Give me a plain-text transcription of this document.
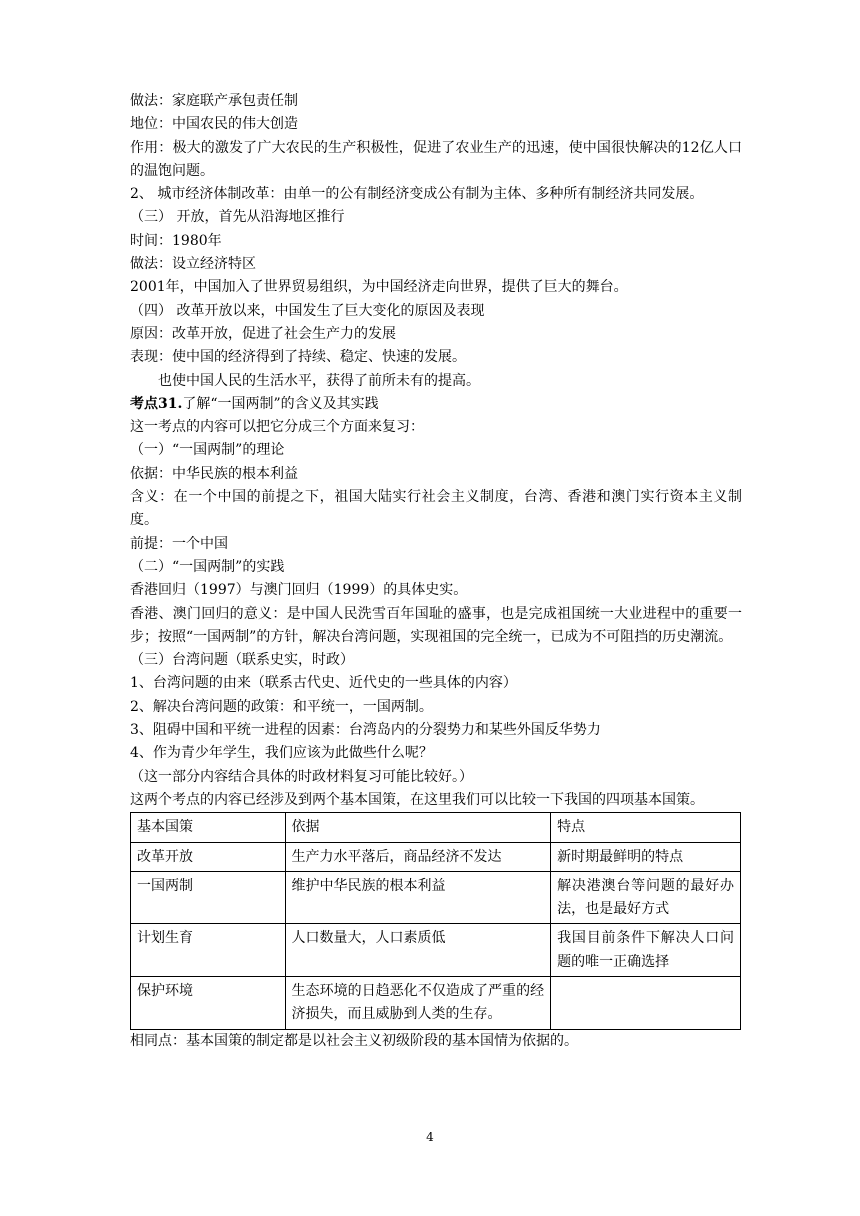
做法：家庭联产承包责任制
地位：中国农民的伟大创造
作用：极大的激发了广大农民的生产积极性，促进了农业生产的迅速，使中国很快解决的12亿人口的温饱问题。
2、 城市经济体制改革：由单一的公有制经济变成公有制为主体、多种所有制经济共同发展。
（三） 开放，首先从沿海地区推行
时间：1980年
做法：设立经济特区
2001年，中国加入了世界贸易组织，为中国经济走向世界，提供了巨大的舞台。
（四） 改革开放以来，中国发生了巨大变化的原因及表现
原因：改革开放，促进了社会生产力的发展
表现：使中国的经济得到了持续、稳定、快速的发展。
也使中国人民的生活水平，获得了前所未有的提高。
考点31.了解“一国两制”的含义及其实践
这一考点的内容可以把它分成三个方面来复习：
（一）“一国两制”的理论
依据：中华民族的根本利益
含义：在一个中国的前提之下，祖国大陆实行社会主义制度，台湾、香港和澳门实行资本主义制度。
前提：一个中国
（二）“一国两制”的实践
香港回归（1997）与澳门回归（1999）的具体史实。
香港、澳门回归的意义：是中国人民洗雪百年国耻的盛事，也是完成祖国统一大业进程中的重要一步；按照“一国两制”的方针，解决台湾问题，实现祖国的完全统一，已成为不可阻挡的历史潮流。
（三）台湾问题（联系史实，时政）
1、台湾问题的由来（联系古代史、近代史的一些具体的内容）
2、解决台湾问题的政策：和平统一，一国两制。
3、阻碍中国和平统一进程的因素：台湾岛内的分裂势力和某些外国反华势力
4、作为青少年学生，我们应该为此做些什么呢？
（这一部分内容结合具体的时政材料复习可能比较好。）
这两个考点的内容已经涉及到两个基本国策，在这里我们可以比较一下我国的四项基本国策。
基本国策	依据	特点
改革开放	生产力水平落后，商品经济不发达	新时期最鲜明的特点
一国两制	维护中华民族的根本利益	解决港澳台等问题的最好办法，也是最好方式
计划生育	人口数量大，人口素质低	我国目前条件下解决人口问题的唯一正确选择
保护环境	生态环境的日趋恶化不仅造成了严重的经济损失，而且威胁到人类的生存。	
相同点：基本国策的制定都是以社会主义初级阶段的基本国情为依据的。
4
